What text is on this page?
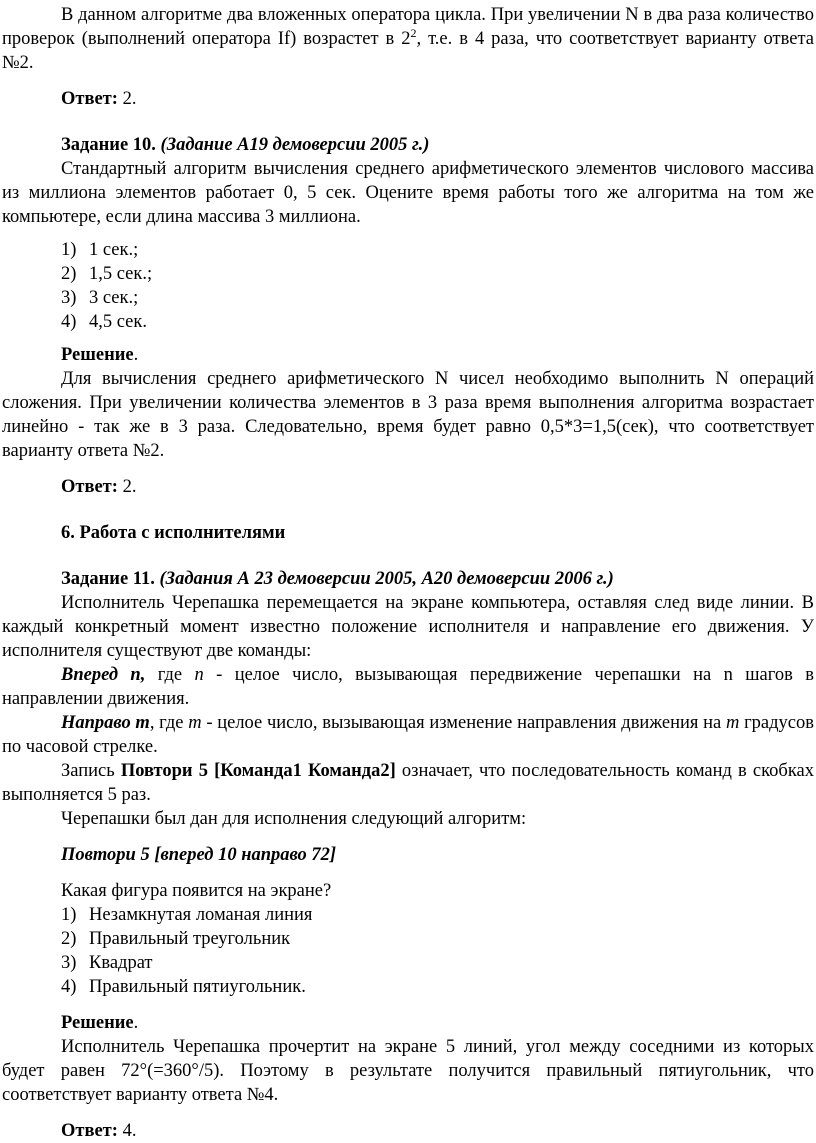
В данном алгоритме два вложенных оператора цикла. При увеличении N в два раза количество проверок (выполнений оператора If) возрастет в $2^2$, т.е. в 4 раза, что соответствует варианту ответа №2.

Ответ: 2.

Задание 10. (Задание А19 демоверсии 2005 г.)

Стандартный алгоритм вычисления среднего арифметического элементов числового массива из миллиона элементов работает 0, 5 сек. Оцените время работы того же алгоритма на том же компьютере, если длина массива 3 миллиона.

1) 1 сек.;
2) 1,5 сек.;
3) 3 сек.;
4) 4,5 сек.

Решение.

Для вычисления среднего арифметического N чисел необходимо выполнить N операций сложения. При увеличении количества элементов в 3 раза время выполнения алгоритма возрастает линейно - так же в 3 раза. Следовательно, время будет равно 0,5*3=1,5(сек), что соответствует варианту ответа №2.

Ответ: 2.

6. Работа с исполнителями

Задание 11. (Задания А 23 демоверсии 2005, А20 демоверсии 2006 г.)

Исполнитель Черепашка перемещается на экране компьютера, оставляя след виде линии. В каждый конкретный момент известно положение исполнителя и направление его движения. У исполнителя существуют две команды:

Вперед n, где n - целое число, вызывающая передвижение черепашки на n шагов в направлении движения.

Направо m, где m - целое число, вызывающая изменение направления движения на m градусов по часовой стрелке.

Запись Повтори 5 [Команда1 Команда2] означает, что последовательность команд в скобках выполняется 5 раз.

Черепашки был дан для исполнения следующий алгоритм:

Повтори 5 [вперед 10 направо 72]

Какая фигура появится на экране?

1) Незамкнутая ломаная линия
2) Правильный треугольник
3) Квадрат
4) Правильный пятиугольник.

Решение.

Исполнитель Черепашка прочертит на экране 5 линий, угол между соседними из которых будет равен 72°(=360°/5). Поэтому в результате получится правильный пятиугольник, что соответствует варианту ответа №4.

Ответ: 4.
